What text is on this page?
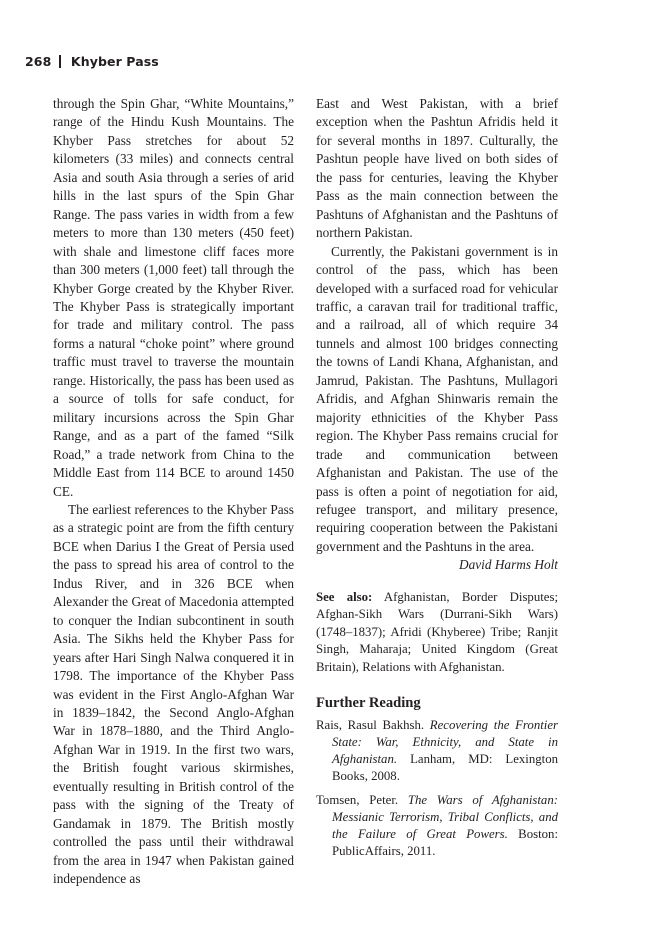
268 Khyber Pass

through the Spin Ghar, “White Mountains,” range of the Hindu Kush Mountains. The Khyber Pass stretches for about 52 kilometers (33 miles) and connects central Asia and south Asia through a series of arid hills in the last spurs of the Spin Ghar Range. The pass varies in width from a few meters to more than 130 meters (450 feet) with shale and limestone cliff faces more than 300 meters (1,000 feet) tall through the Khyber Gorge created by the Khyber River. The Khyber Pass is strategically important for trade and military control. The pass forms a natural “choke point” where ground traffic must travel to traverse the mountain range. Historically, the pass has been used as a source of tolls for safe conduct, for military incursions across the Spin Ghar Range, and as a part of the famed “Silk Road,” a trade network from China to the Middle East from 114 BCE to around 1450 CE.

The earliest references to the Khyber Pass as a strategic point are from the fifth century BCE when Darius I the Great of Persia used the pass to spread his area of control to the Indus River, and in 326 BCE when Alexander the Great of Macedonia attempted to conquer the Indian subcontinent in south Asia. The Sikhs held the Khyber Pass for years after Hari Singh Nalwa conquered it in 1798. The importance of the Khyber Pass was evident in the First Anglo-Afghan War in 1839–1842, the Second Anglo-Afghan War in 1878–1880, and the Third Anglo-Afghan War in 1919. In the first two wars, the British fought various skirmishes, eventually resulting in British control of the pass with the signing of the Treaty of Gandamak in 1879. The British mostly controlled the pass until their withdrawal from the area in 1947 when Pakistan gained independence as

East and West Pakistan, with a brief exception when the Pashtun Afridis held it for several months in 1897. Culturally, the Pashtun people have lived on both sides of the pass for centuries, leaving the Khyber Pass as the main connection between the Pashtuns of Afghanistan and the Pashtuns of northern Pakistan.

Currently, the Pakistani government is in control of the pass, which has been developed with a surfaced road for vehicular traffic, a caravan trail for traditional traffic, and a railroad, all of which require 34 tunnels and almost 100 bridges connecting the towns of Landi Khana, Afghanistan, and Jamrud, Pakistan. The Pashtuns, Mullagori Afridis, and Afghan Shinwaris remain the majority ethnicities of the Khyber Pass region. The Khyber Pass remains crucial for trade and communication between Afghanistan and Pakistan. The use of the pass is often a point of negotiation for aid, refugee transport, and military presence, requiring cooperation between the Pakistani government and the Pashtuns in the area.

David Harms Holt

See also: Afghanistan, Border Disputes; Afghan-Sikh Wars (Durrani-Sikh Wars) (1748–1837); Afridi (Khyberee) Tribe; Ranjit Singh, Maharaja; United Kingdom (Great Britain), Relations with Afghanistan.

Further Reading

Rais, Rasul Bakhsh. Recovering the Frontier State: War, Ethnicity, and State in Afghanistan. Lanham, MD: Lexington Books, 2008.

Tomsen, Peter. The Wars of Afghanistan: Messianic Terrorism, Tribal Conflicts, and the Failure of Great Powers. Boston: PublicAffairs, 2011.
